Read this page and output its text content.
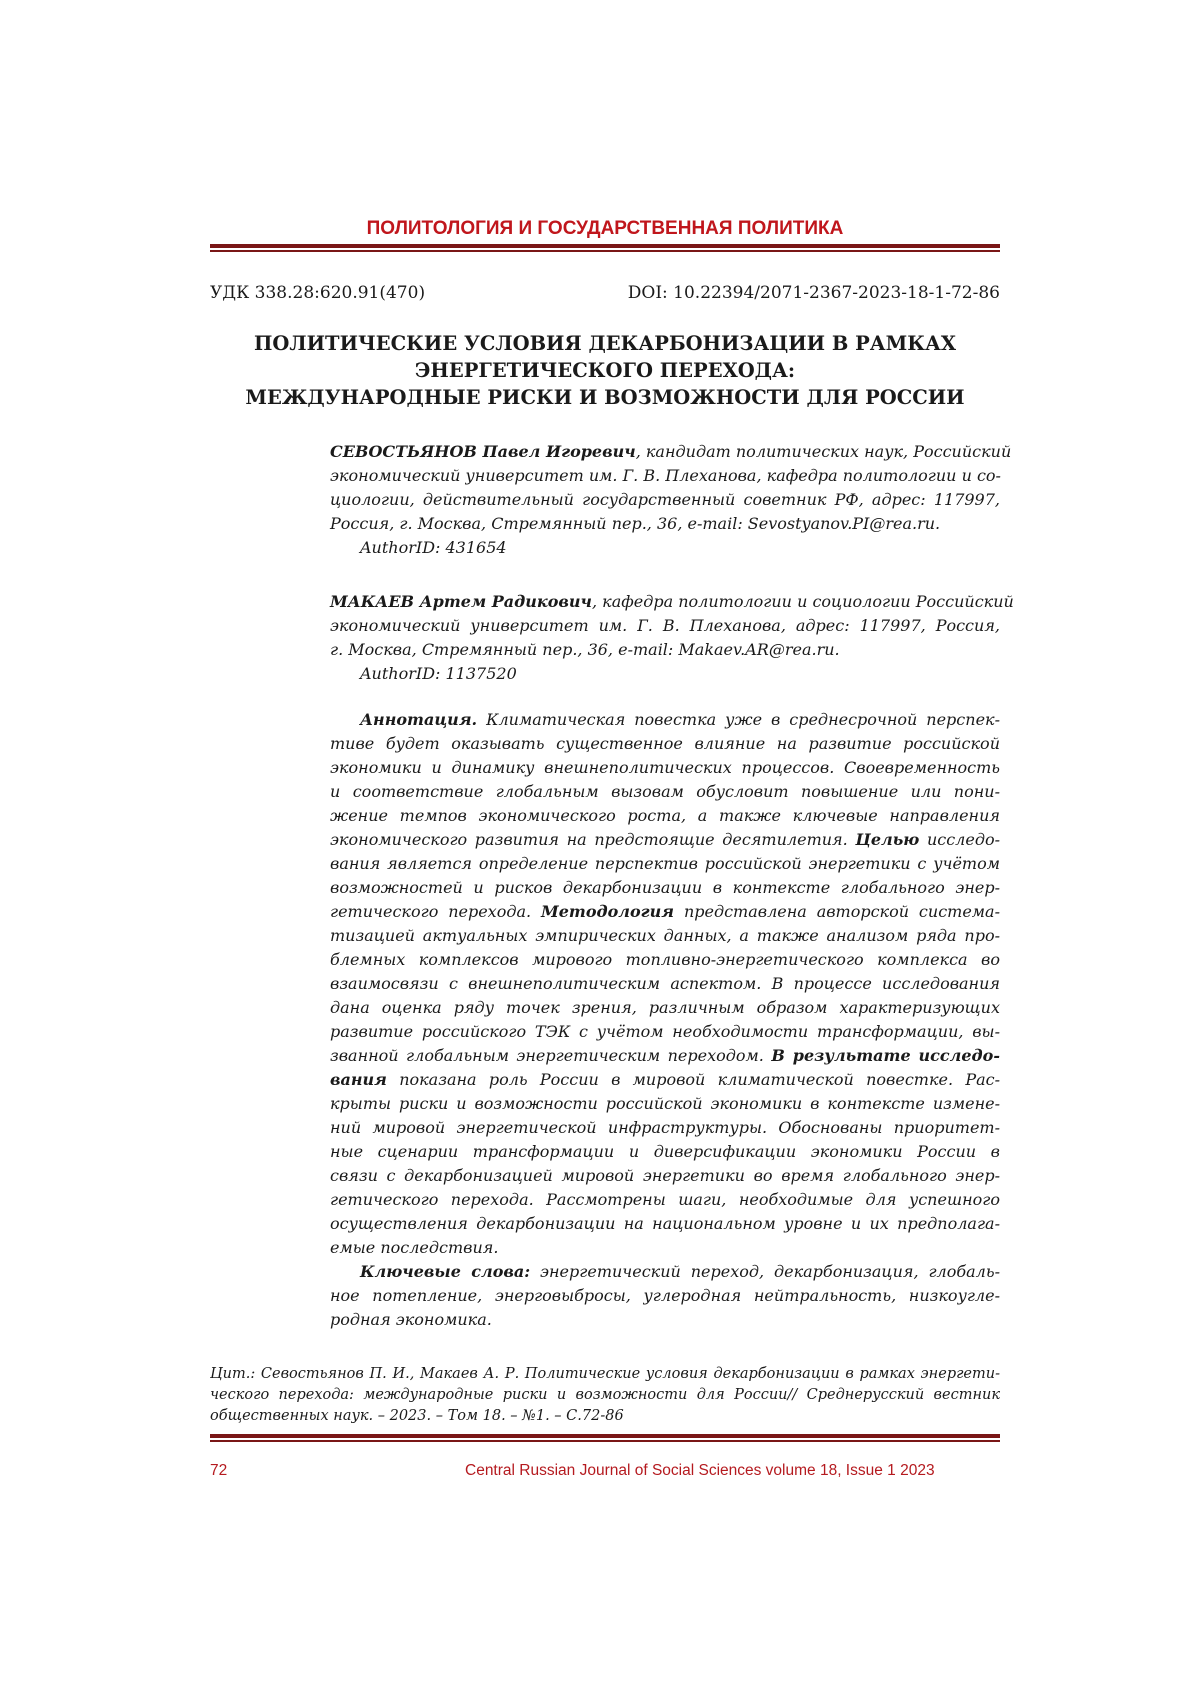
ПОЛИТОЛОГИЯ И ГОСУДАРСТВЕННАЯ ПОЛИТИКА
УДК 338.28:620.91(470)	DOI: 10.22394/2071-2367-2023-18-1-72-86
ПОЛИТИЧЕСКИЕ УСЛОВИЯ ДЕКАРБОНИЗАЦИИ В РАМКАХ
ЭНЕРГЕТИЧЕСКОГО ПЕРЕХОДА:
МЕЖДУНАРОДНЫЕ РИСКИ И ВОЗМОЖНОСТИ ДЛЯ РОССИИ
СЕВОСТЬЯНОВ Павел Игоревич, кандидат политических наук, Российский
экономический университет им. Г. В. Плеханова, кафедра политологии и со-
циологии, действительный государственный советник РФ, адрес: 117997,
Россия, г. Москва, Стремянный пер., 36, e-mail: Sevostyanov.PI@rea.ru.
AuthorID: 431654
МАКАЕВ Артем Радикович, кафедра политологии и социологии Российский
экономический университет им. Г. В. Плеханова, адрес: 117997, Россия,
г. Москва, Стремянный пер., 36, e-mail: Makaev.AR@rea.ru.
AuthorID: 1137520
Аннотация. Климатическая повестка уже в среднесрочной перспек-
тиве будет оказывать существенное влияние на развитие российской
экономики и динамику внешнеполитических процессов. Своевременность
и соответствие глобальным вызовам обусловит повышение или пони-
жение темпов экономического роста, а также ключевые направления
экономического развития на предстоящие десятилетия. Целью исследо-
вания является определение перспектив российской энергетики с учётом
возможностей и рисков декарбонизации в контексте глобального энер-
гетического перехода. Методология представлена авторской система-
тизацией актуальных эмпирических данных, а также анализом ряда про-
блемных комплексов мирового топливно-энергетического комплекса во
взаимосвязи с внешнеполитическим аспектом. В процессе исследования
дана оценка ряду точек зрения, различным образом характеризующих
развитие российского ТЭК с учётом необходимости трансформации, вы-
званной глобальным энергетическим переходом. В результате исследо-
вания показана роль России в мировой климатической повестке. Рас-
крыты риски и возможности российской экономики в контексте измене-
ний мировой энергетической инфраструктуры. Обоснованы приоритет-
ные сценарии трансформации и диверсификации экономики России в
связи с декарбонизацией мировой энергетики во время глобального энер-
гетического перехода. Рассмотрены шаги, необходимые для успешного
осуществления декарбонизации на национальном уровне и их предполага-
емые последствия.
Ключевые слова: энергетический переход, декарбонизация, глобаль-
ное потепление, энерговыбросы, углеродная нейтральность, низкоугле-
родная экономика.
Цит.: Севостьянов П. И., Макаев А. Р. Политические условия декарбонизации в рамках энергети-
ческого перехода: международные риски и возможности для России// Среднерусский вестник
общественных наук. – 2023. – Том 18. – №1. – С.72-86
72	Central Russian Journal of Social Sciences volume 18, Issue 1 2023
